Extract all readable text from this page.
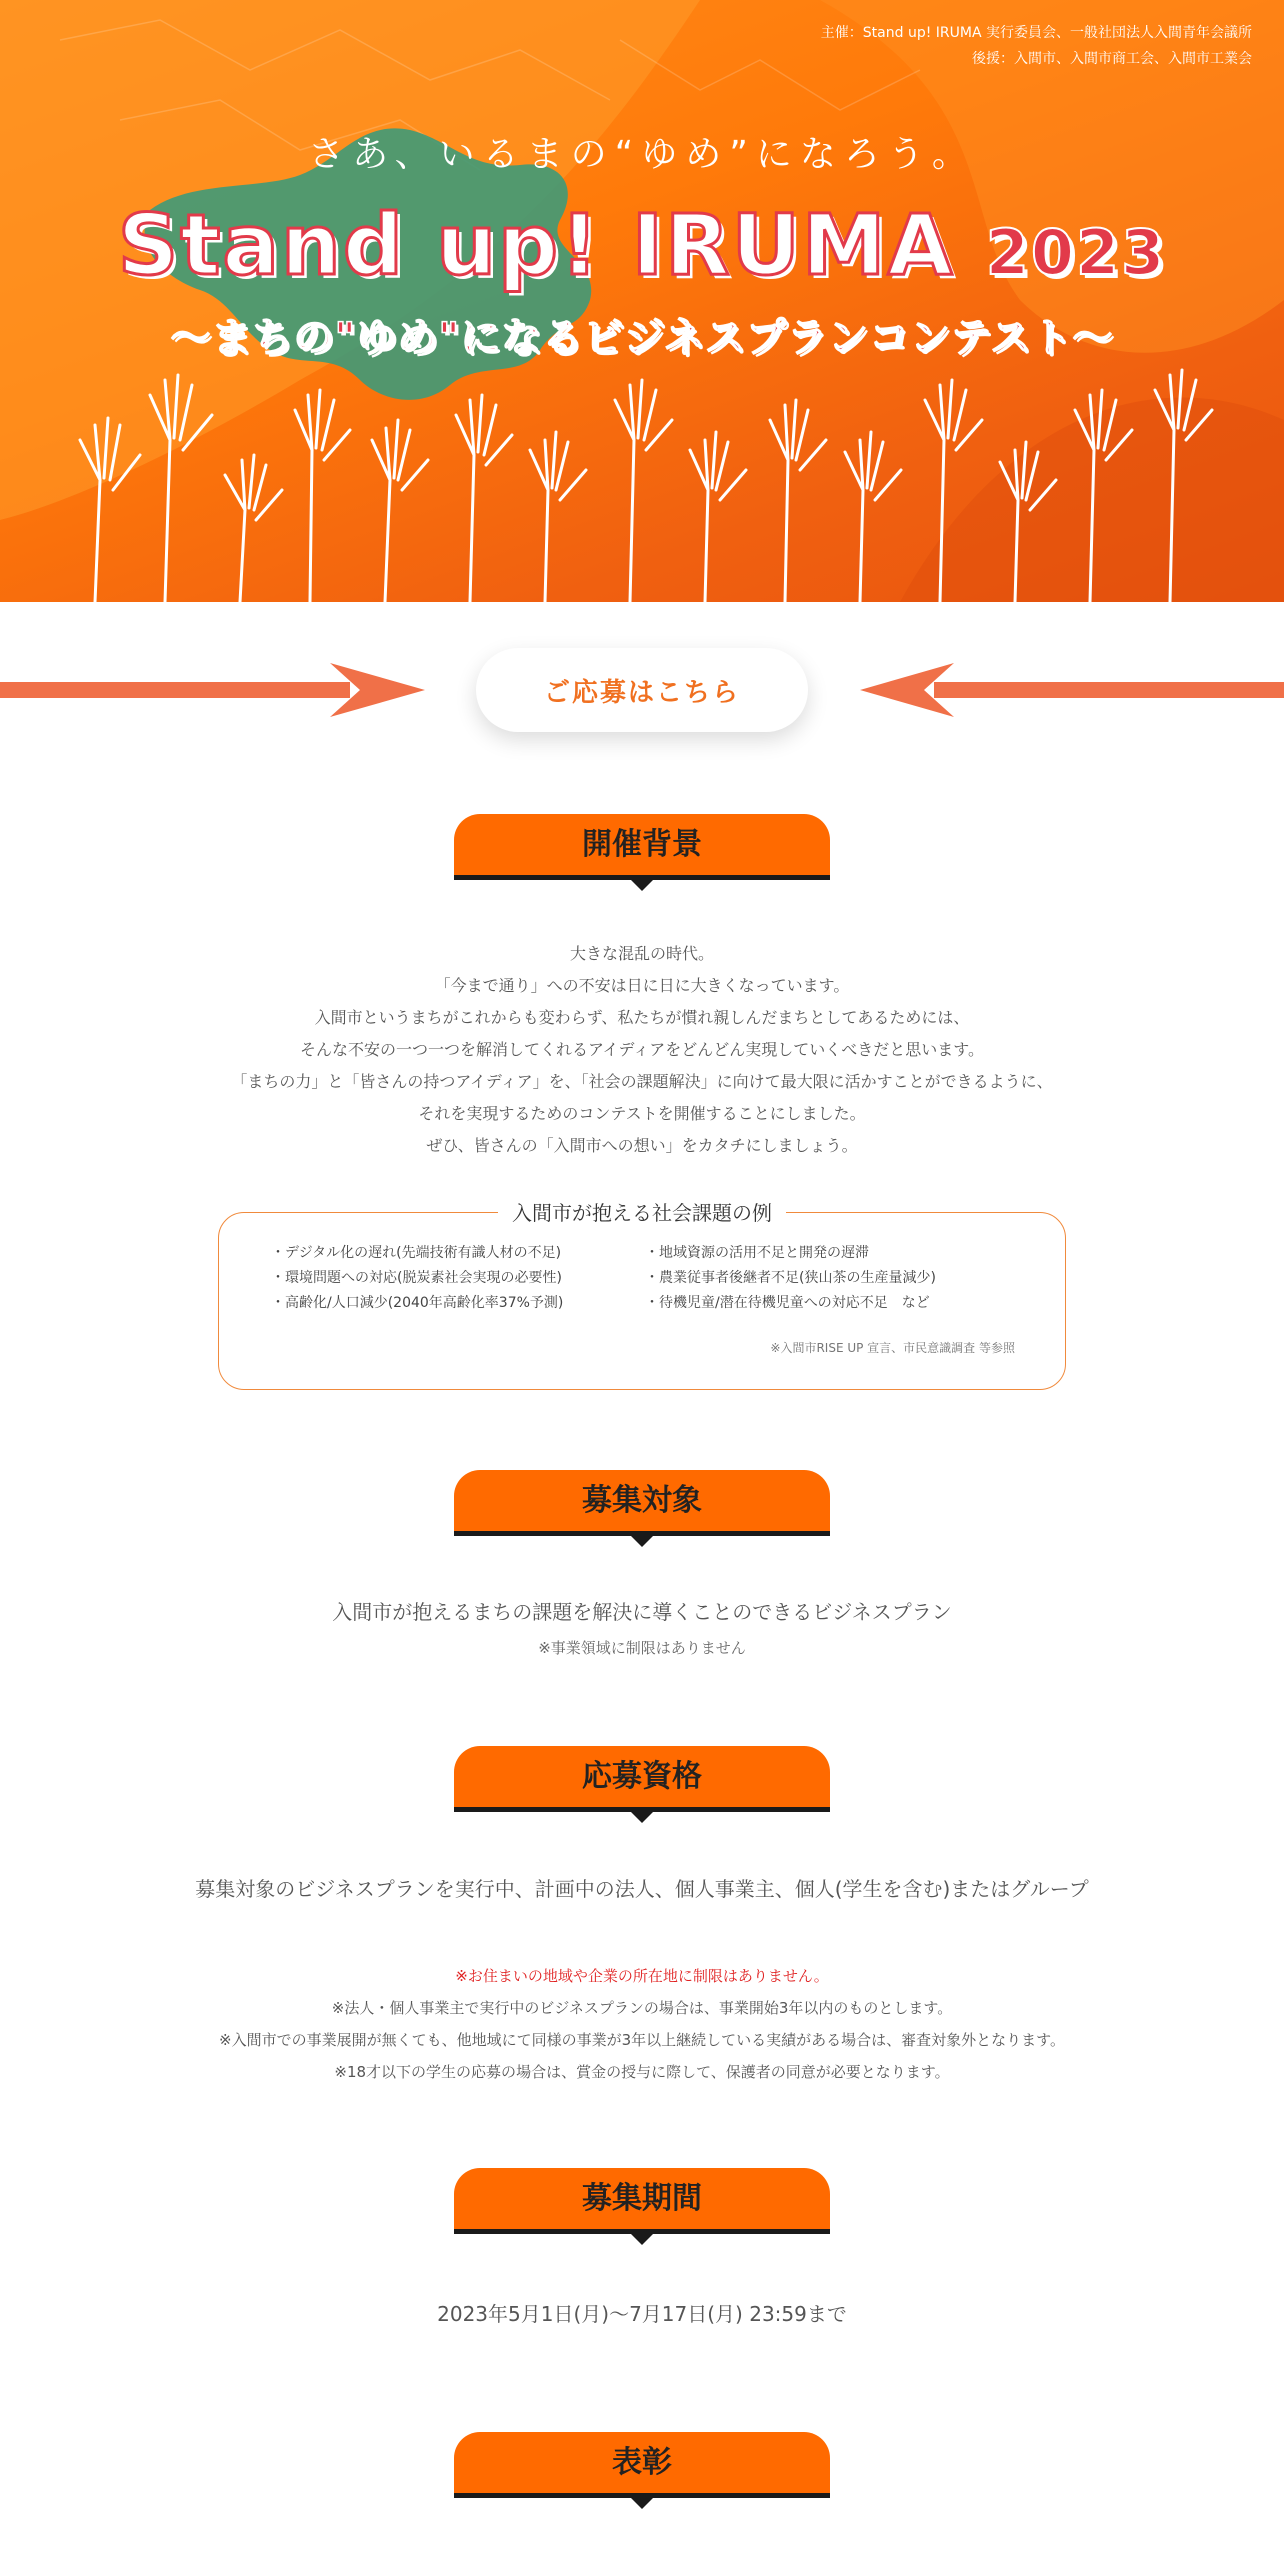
主催：Stand up! IRUMA 実行委員会、一般社団法人入間青年会議所
後援：入間市、入間市商工会、入間市工業会
さあ、いるまの“ゆめ”になろう。
Stand up! IRUMA 2023
〜まちの"ゆめ"になるビジネスプランコンテスト〜
ご応募はこちら
開催背景

大きな混乱の時代。

「今まで通り」への不安は日に日に大きくなっています。

入間市というまちがこれからも変わらず、私たちが慣れ親しんだまちとしてあるためには、

そんな不安の一つ一つを解消してくれるアイディアをどんどん実現していくべきだと思います。

「まちの力」と「皆さんの持つアイディア」を、「社会の課題解決」に向けて最大限に活かすことができるように、

それを実現するためのコンテストを開催することにしました。

ぜひ、皆さんの「入間市への想い」をカタチにしましょう。

入間市が抱える社会課題の例
・デジタル化の遅れ(先端技術有識人材の不足)
・環境問題への対応(脱炭素社会実現の必要性)
・高齢化/人口減少(2040年高齢化率37%予測)
・地域資源の活用不足と開発の遅滞
・農業従事者後継者不足(狭山茶の生産量減少)
・待機児童/潜在待機児童への対応不足　など
※入間市RISE UP 宣言、市民意識調査 等参照
募集対象
入間市が抱えるまちの課題を解決に導くことのできるビジネスプラン
※事業領域に制限はありません
応募資格
募集対象のビジネスプランを実行中、計画中の法人、個人事業主、個人(学生を含む)またはグループ

※お住まいの地域や企業の所在地に制限はありません。

※法人・個人事業主で実行中のビジネスプランの場合は、事業開始3年以内のものとします。

※入間市での事業展開が無くても、他地域にて同様の事業が3年以上継続している実績がある場合は、審査対象外となります。

※18才以下の学生の応募の場合は、賞金の授与に際して、保護者の同意が必要となります。

募集期間
2023年5月1日(月)〜7月17日(月) 23:59まで
表彰
